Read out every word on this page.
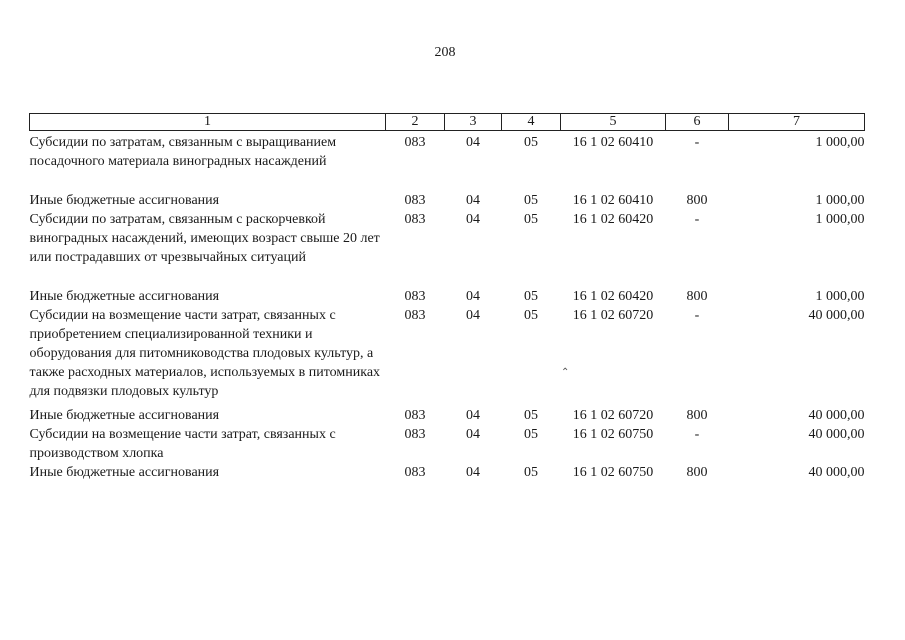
208
1	2	3	4	5	6	7

Субсидии по затратам, связанным с выращиванием посадочного материала виноградных насаждений	083	04	05	16 1 02 60410	-	1 000,00

Иные бюджетные ассигнования	083	04	05	16 1 02 60410	800	1 000,00
Субсидии по затратам, связанным с раскорчевкой виноградных насаждений, имеющих возраст свыше 20 лет или пострадавших от чрезвычайных ситуаций	083	04	05	16 1 02 60420	-	1 000,00

Иные бюджетные ассигнования	083	04	05	16 1 02 60420	800	1 000,00
Субсидии на возмещение части затрат, связанных с приобретением специализированной техники и оборудования для питомниководства плодовых культур, а также расходных материалов, используемых в питомниках для подвязки плодовых культур	083	04	05	16 1 02 60720	-	40 000,00

Иные бюджетные ассигнования	083	04	05	16 1 02 60720	800	40 000,00
Субсидии на возмещение части затрат, связанных с производством хлопка	083	04	05	16 1 02 60750	-	40 000,00
Иные бюджетные ассигнования	083	04	05	16 1 02 60750	800	40 000,00
⌃
